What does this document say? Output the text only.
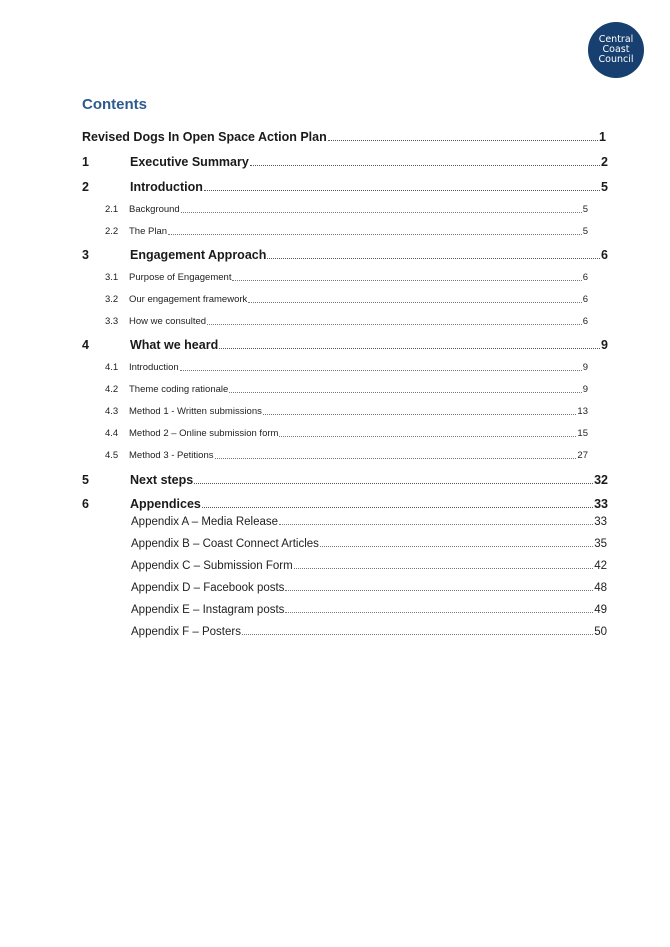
Central
Coast
Council
Contents
Revised Dogs In Open Space Action Plan	1
1	Executive Summary	2
2	Introduction	5
2.1	Background	5
2.2	The Plan	5
3	Engagement Approach	6
3.1	Purpose of Engagement	6
3.2	Our engagement framework	6
3.3	How we consulted	6
4	What we heard	9
4.1	Introduction	9
4.2	Theme coding rationale	9
4.3	Method 1 - Written submissions	13
4.4	Method 2 – Online submission form	15
4.5	Method 3 - Petitions	27
5	Next steps	32
6	Appendices	33
Appendix A – Media Release	33
Appendix B – Coast Connect Articles	35
Appendix C – Submission Form	42
Appendix D – Facebook posts	48
Appendix E – Instagram posts	49
Appendix F – Posters	50
